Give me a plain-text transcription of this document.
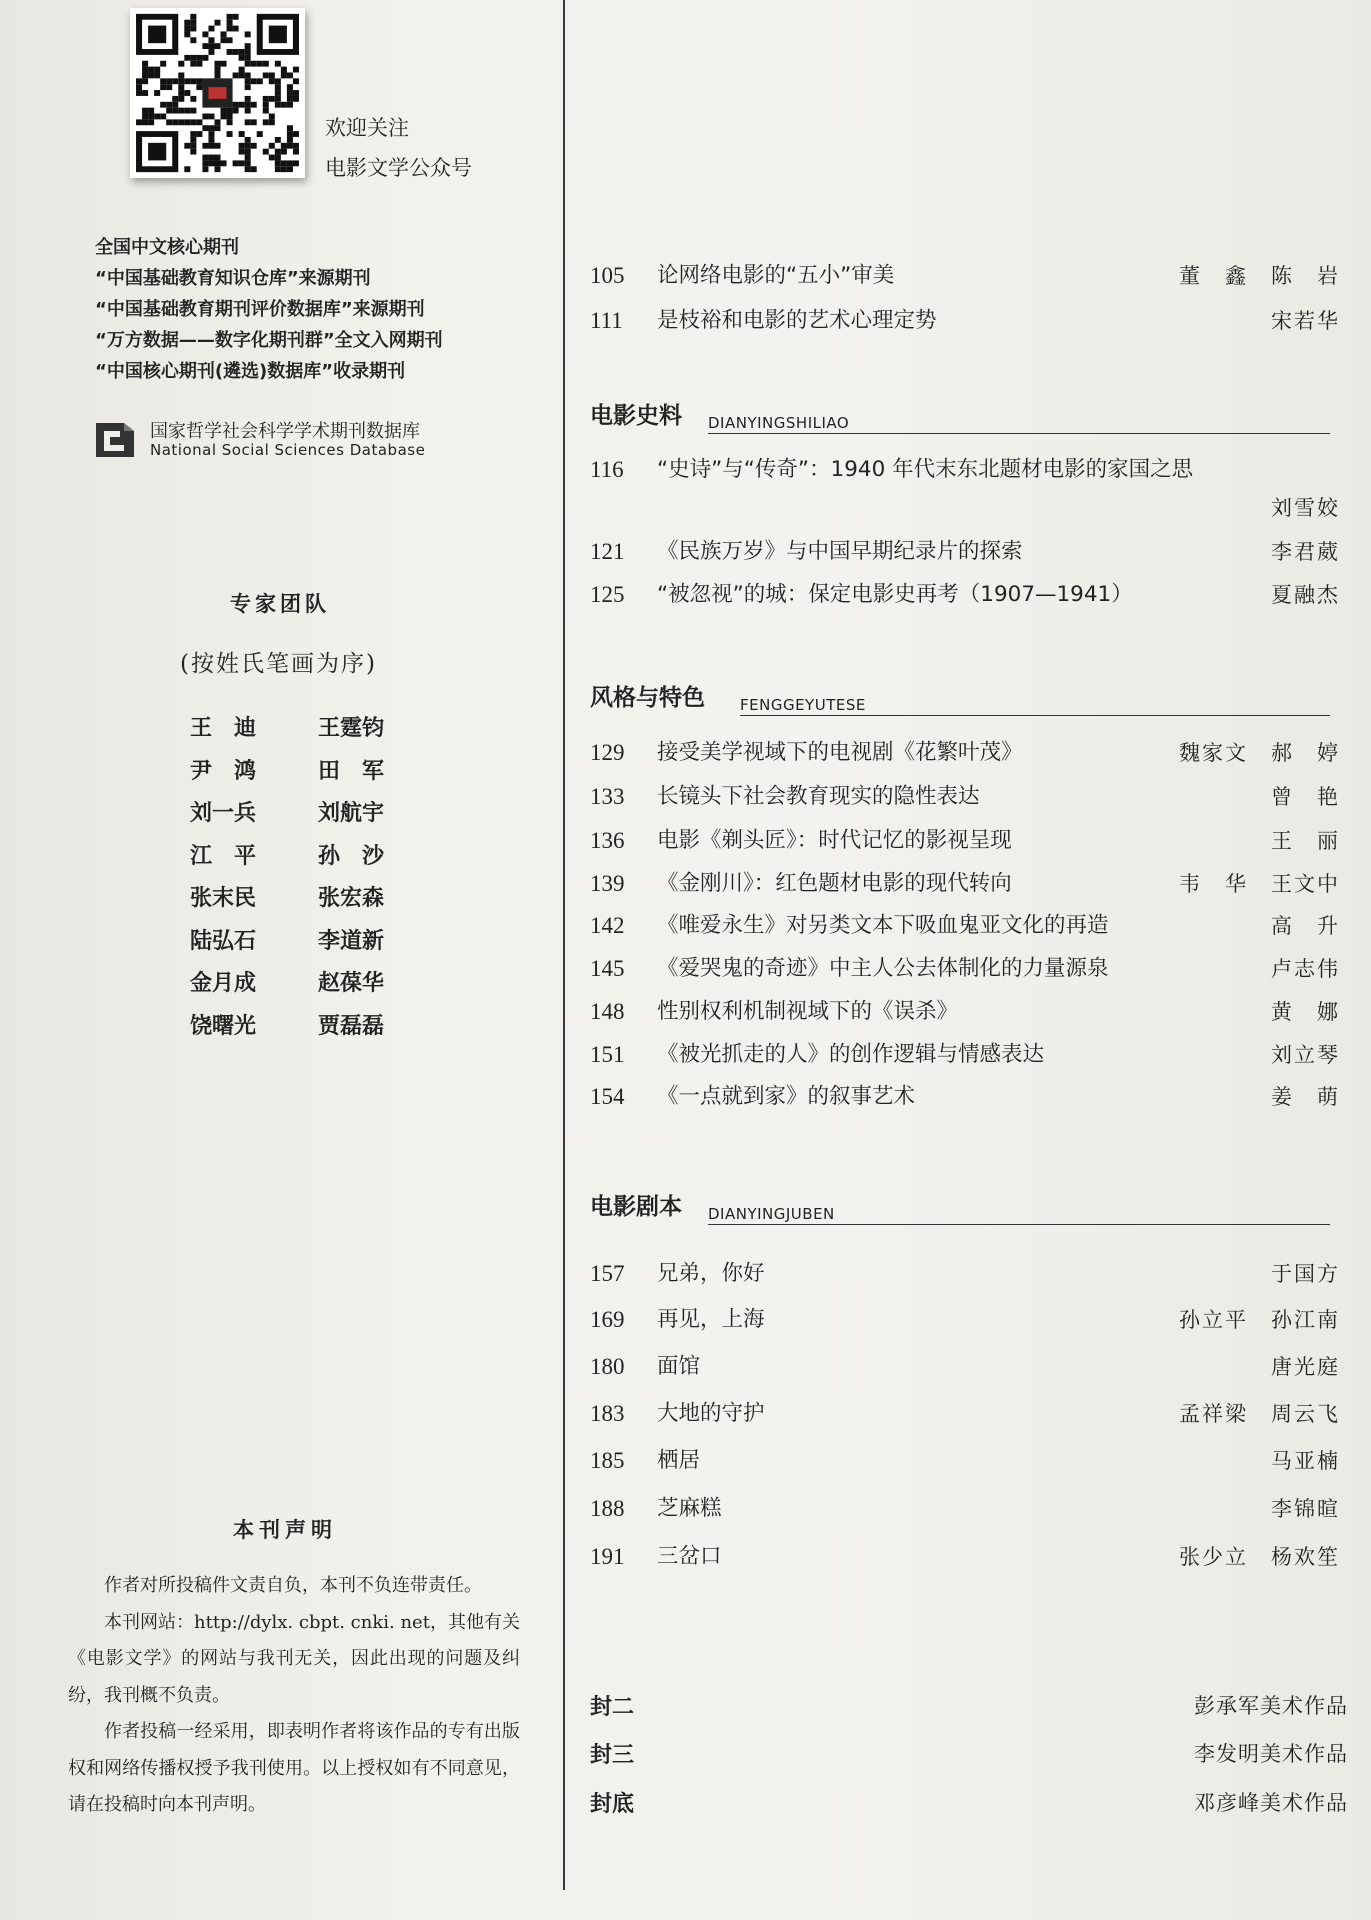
欢迎关注
电影文学公众号
全国中文核心期刊
“中国基础教育知识仓库”来源期刊
“中国基础教育期刊评价数据库”来源期刊
“万方数据——数字化期刊群”全文入网期刊
“中国核心期刊(遴选)数据库”收录期刊
国家哲学社会科学学术期刊数据库
National Social Sciences Database
专家团队
(按姓氏笔画为序)
王　迪	王霆钧
尹　鸿	田　军
刘一兵	刘航宇
江　平	孙　沙
张末民	张宏森
陆弘石	李道新
金月成	赵葆华
饶曙光	贾磊磊
本刊声明

作者对所投稿件文责自负，本刊不负连带责任。

本刊网站：http://dylx. cbpt. cnki. net，其他有关《电影文学》的网站与我刊无关，因此出现的问题及纠纷，我刊概不负责。

作者投稿一经采用，即表明作者将该作品的专有出版权和网络传播权授予我刊使用。以上授权如有不同意见，请在投稿时向本刊声明。

105	论网络电影的“五小”审美	董　鑫　陈　岩
111	是枝裕和电影的艺术心理定势	宋若华
电影史料 DIANYINGSHILIAO
116	“史诗”与“传奇”：1940 年代末东北题材电影的家国之思
刘雪姣
121	《民族万岁》与中国早期纪录片的探索	李君葳
125	“被忽视”的城：保定电影史再考（1907—1941）	夏融杰
风格与特色 FENGGEYUTESE
129	接受美学视域下的电视剧《花繁叶茂》	魏家文　郝　婷
133	长镜头下社会教育现实的隐性表达	曾　艳
136	电影《剃头匠》：时代记忆的影视呈现	王　丽
139	《金刚川》：红色题材电影的现代转向	韦　华　王文中
142	《唯爱永生》对另类文本下吸血鬼亚文化的再造	高　升
145	《爱哭鬼的奇迹》中主人公去体制化的力量源泉	卢志伟
148	性别权利机制视域下的《误杀》	黄　娜
151	《被光抓走的人》的创作逻辑与情感表达	刘立琴
154	《一点就到家》的叙事艺术	姜　萌
电影剧本 DIANYINGJUBEN
157	兄弟，你好	于国方
169	再见，上海	孙立平　孙江南
180	面馆	唐光庭
183	大地的守护	孟祥梁　周云飞
185	栖居	马亚楠
188	芝麻糕	李锦暄
191	三岔口	张少立　杨欢笙
封二	彭承军美术作品
封三	李发明美术作品
封底	邓彦峰美术作品
